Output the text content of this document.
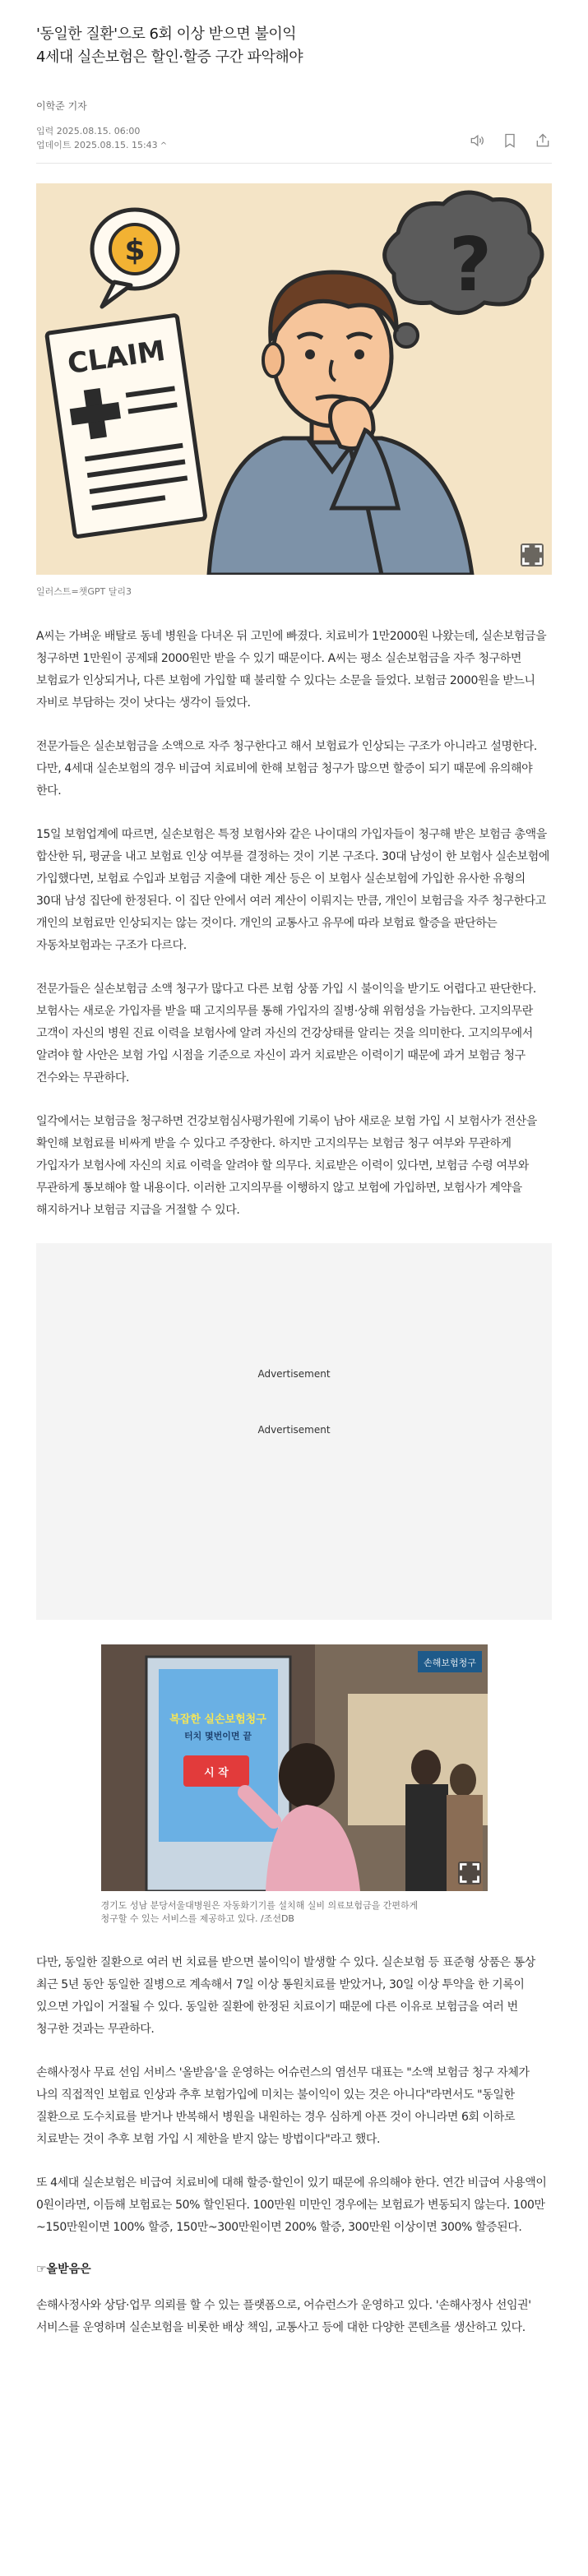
'동일한 질환'으로 6회 이상 받으면 불이익
4세대 실손보험은 할인·할증 구간 파악해야
이학준 기자
입력 2025.08.15. 06:00
업데이트 2025.08.15. 15:43 ^
$	?
CLAIM
일러스트=챗GPT 달리3

A씨는 가벼운 배탈로 동네 병원을 다녀온 뒤 고민에 빠졌다. 치료비가 1만2000원 나왔는데, 실손보험금을 청구하면 1만원이 공제돼 2000원만 받을 수 있기 때문이다. A씨는 평소 실손보험금을 자주 청구하면 보험료가 인상되거나, 다른 보험에 가입할 때 불리할 수 있다는 소문을 들었다. 보험금 2000원을 받느니 자비로 부담하는 것이 낫다는 생각이 들었다.

전문가들은 실손보험금을 소액으로 자주 청구한다고 해서 보험료가 인상되는 구조가 아니라고 설명한다. 다만, 4세대 실손보험의 경우 비급여 치료비에 한해 보험금 청구가 많으면 할증이 되기 때문에 유의해야 한다.

15일 보험업계에 따르면, 실손보험은 특정 보험사와 같은 나이대의 가입자들이 청구해 받은 보험금 총액을 합산한 뒤, 평균을 내고 보험료 인상 여부를 결정하는 것이 기본 구조다. 30대 남성이 한 보험사 실손보험에 가입했다면, 보험료 수입과 보험금 지출에 대한 계산 등은 이 보험사 실손보험에 가입한 유사한 유형의 30대 남성 집단에 한정된다. 이 집단 안에서 여러 계산이 이뤄지는 만큼, 개인이 보험금을 자주 청구한다고 개인의 보험료만 인상되지는 않는 것이다. 개인의 교통사고 유무에 따라 보험료 할증을 판단하는 자동차보험과는 구조가 다르다.

전문가들은 실손보험금 소액 청구가 많다고 다른 보험 상품 가입 시 불이익을 받기도 어렵다고 판단한다. 보험사는 새로운 가입자를 받을 때 고지의무를 통해 가입자의 질병·상해 위험성을 가늠한다. 고지의무란 고객이 자신의 병원 진료 이력을 보험사에 알려 자신의 건강상태를 알리는 것을 의미한다. 고지의무에서 알려야 할 사안은 보험 가입 시점을 기준으로 자신이 과거 치료받은 이력이기 때문에 과거 보험금 청구 건수와는 무관하다.

일각에서는 보험금을 청구하면 건강보험심사평가원에 기록이 남아 새로운 보험 가입 시 보험사가 전산을 확인해 보험료를 비싸게 받을 수 있다고 주장한다. 하지만 고지의무는 보험금 청구 여부와 무관하게 가입자가 보험사에 자신의 치료 이력을 알려야 할 의무다. 치료받은 이력이 있다면, 보험금 수령 여부와 무관하게 통보해야 할 내용이다. 이러한 고지의무를 이행하지 않고 보험에 가입하면, 보험사가 계약을 해지하거나 보험금 지급을 거절할 수 있다.

Advertisement
Advertisement
손해보험청구
복잡한 실손보험청구
터치 몇번이면 끝
시 작
경기도 성남 분당서울대병원은 자동화기기를 설치해 실비 의료보험금을 간편하게
청구할 수 있는 서비스를 제공하고 있다. /조선DB

다만, 동일한 질환으로 여러 번 치료를 받으면 불이익이 발생할 수 있다. 실손보험 등 표준형 상품은 통상 최근 5년 동안 동일한 질병으로 계속해서 7일 이상 통원치료를 받았거나, 30일 이상 투약을 한 기록이 있으면 가입이 거절될 수 있다. 동일한 질환에 한정된 치료이기 때문에 다른 이유로 보험금을 여러 번 청구한 것과는 무관하다.

손해사정사 무료 선임 서비스 '올받음'을 운영하는 어슈런스의 염선무 대표는 "소액 보험금 청구 자체가 나의 직접적인 보험료 인상과 추후 보험가입에 미치는 불이익이 있는 것은 아니다"라면서도 "동일한 질환으로 도수치료를 받거나 반복해서 병원을 내원하는 경우 심하게 아픈 것이 아니라면 6회 이하로 치료받는 것이 추후 보험 가입 시 제한을 받지 않는 방법이다"라고 했다.

또 4세대 실손보험은 비급여 치료비에 대해 할증·할인이 있기 때문에 유의해야 한다. 연간 비급여 사용액이 0원이라면, 이듬해 보험료는 50% 할인된다. 100만원 미만인 경우에는 보험료가 변동되지 않는다. 100만~150만원이면 100% 할증, 150만~300만원이면 200% 할증, 300만원 이상이면 300% 할증된다.

☞올받음은

손해사정사와 상담·업무 의뢰를 할 수 있는 플랫폼으로, 어슈런스가 운영하고 있다. '손해사정사 선임권' 서비스를 운영하며 실손보험을 비롯한 배상 책임, 교통사고 등에 대한 다양한 콘텐츠를 생산하고 있다.
